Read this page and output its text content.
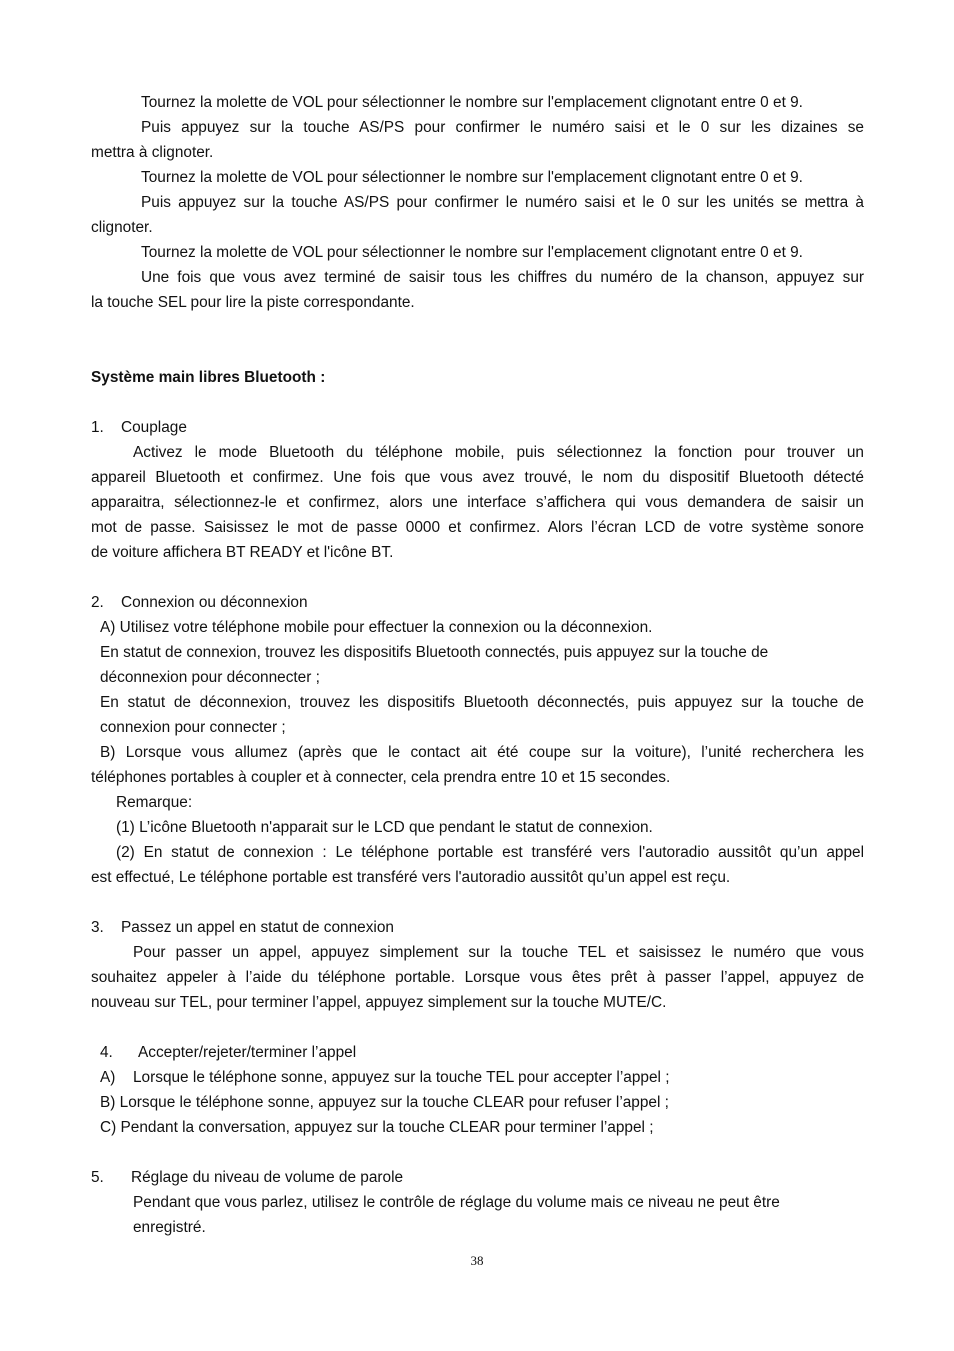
Tournez la molette de VOL pour sélectionner le nombre sur l'emplacement clignotant entre 0 et 9.
Puis appuyez sur la touche AS/PS pour confirmer le numéro saisi et le 0 sur les dizaines se
mettra à clignoter.
Tournez la molette de VOL pour sélectionner le nombre sur l'emplacement clignotant entre 0 et 9.
Puis appuyez sur la touche AS/PS pour confirmer le numéro saisi et le 0 sur les unités se mettra à
clignoter.
Tournez la molette de VOL pour sélectionner le nombre sur l'emplacement clignotant entre 0 et 9.
Une fois que vous avez terminé de saisir tous les chiffres du numéro de la chanson, appuyez sur
la touche SEL pour lire la piste correspondante.
Système main libres Bluetooth :
1.	Couplage
Activez le mode Bluetooth du téléphone mobile, puis sélectionnez la fonction pour trouver un
appareil Bluetooth et confirmez. Une fois que vous avez trouvé, le nom du dispositif Bluetooth détecté
apparaitra, sélectionnez-le et confirmez, alors une interface s’affichera qui vous demandera de saisir un
mot de passe. Saisissez le mot de passe 0000 et confirmez. Alors l’écran LCD de votre système sonore
de voiture affichera BT READY et l'icône BT.
2.	Connexion ou déconnexion
A) Utilisez votre téléphone mobile pour effectuer la connexion ou la déconnexion.
En statut de connexion, trouvez les dispositifs Bluetooth connectés, puis appuyez sur la touche de
déconnexion pour déconnecter ;
En statut de déconnexion, trouvez les dispositifs Bluetooth déconnectés, puis appuyez sur la touche de
connexion pour connecter ;
B) Lorsque vous allumez (après que le contact ait été coupe sur la voiture), l’unité recherchera les
téléphones portables à coupler et à connecter, cela prendra entre 10 et 15 secondes.
Remarque:
(1) L’icône Bluetooth n'apparait sur le LCD que pendant le statut de connexion.
(2) En statut de connexion : Le téléphone portable est transféré vers l'autoradio aussitôt qu’un appel
est effectué, Le téléphone portable est transféré vers l'autoradio aussitôt qu’un appel est reçu.
3.	Passez un appel en statut de connexion
Pour passer un appel, appuyez simplement sur la touche TEL et saisissez le numéro que vous
souhaitez appeler à l’aide du téléphone portable. Lorsque vous êtes prêt à passer l’appel, appuyez de
nouveau sur TEL, pour terminer l’appel, appuyez simplement sur la touche MUTE/C.
4.	Accepter/rejeter/terminer l’appel
A)	Lorsque le téléphone sonne, appuyez sur la touche TEL pour accepter l’appel ;
B) Lorsque le téléphone sonne, appuyez sur la touche CLEAR pour refuser l’appel ;
C) Pendant la conversation, appuyez sur la touche CLEAR pour terminer l’appel ;
5.	Réglage du niveau de volume de parole
Pendant que vous parlez, utilisez le contrôle de réglage du volume mais ce niveau ne peut être
enregistré.
38
